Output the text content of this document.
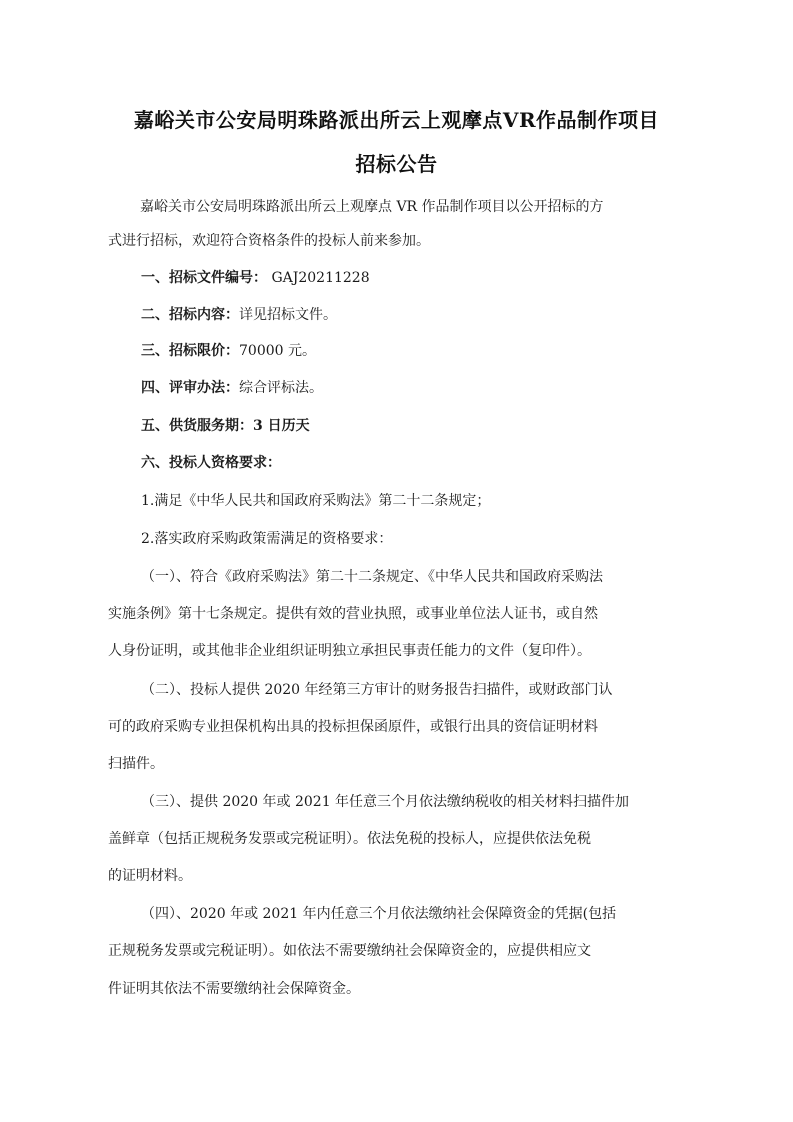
嘉峪关市公安局明珠路派出所云上观摩点VR作品制作项目
招标公告
嘉峪关市公安局明珠路派出所云上观摩点 VR 作品制作项目以公开招标的方
式进行招标，欢迎符合资格条件的投标人前来参加。
一、招标文件编号： GAJ20211228
二、招标内容：详见招标文件。
三、招标限价：70000 元。
四、评审办法：综合评标法。
五、供货服务期：3 日历天
六、投标人资格要求：
1.满足《中华人民共和国政府采购法》第二十二条规定；
2.落实政府采购政策需满足的资格要求：
（一）、符合《政府采购法》第二十二条规定、《中华人民共和国政府采购法
实施条例》第十七条规定。提供有效的营业执照，或事业单位法人证书，或自然
人身份证明，或其他非企业组织证明独立承担民事责任能力的文件（复印件）。
（二）、投标人提供 2020 年经第三方审计的财务报告扫描件，或财政部门认
可的政府采购专业担保机构出具的投标担保函原件，或银行出具的资信证明材料
扫描件。
（三）、提供 2020 年或 2021 年任意三个月依法缴纳税收的相关材料扫描件加
盖鲜章（包括正规税务发票或完税证明）。依法免税的投标人，应提供依法免税
的证明材料。
（四）、2020 年或 2021 年内任意三个月依法缴纳社会保障资金的凭据(包括
正规税务发票或完税证明）。如依法不需要缴纳社会保障资金的，应提供相应文
件证明其依法不需要缴纳社会保障资金。
